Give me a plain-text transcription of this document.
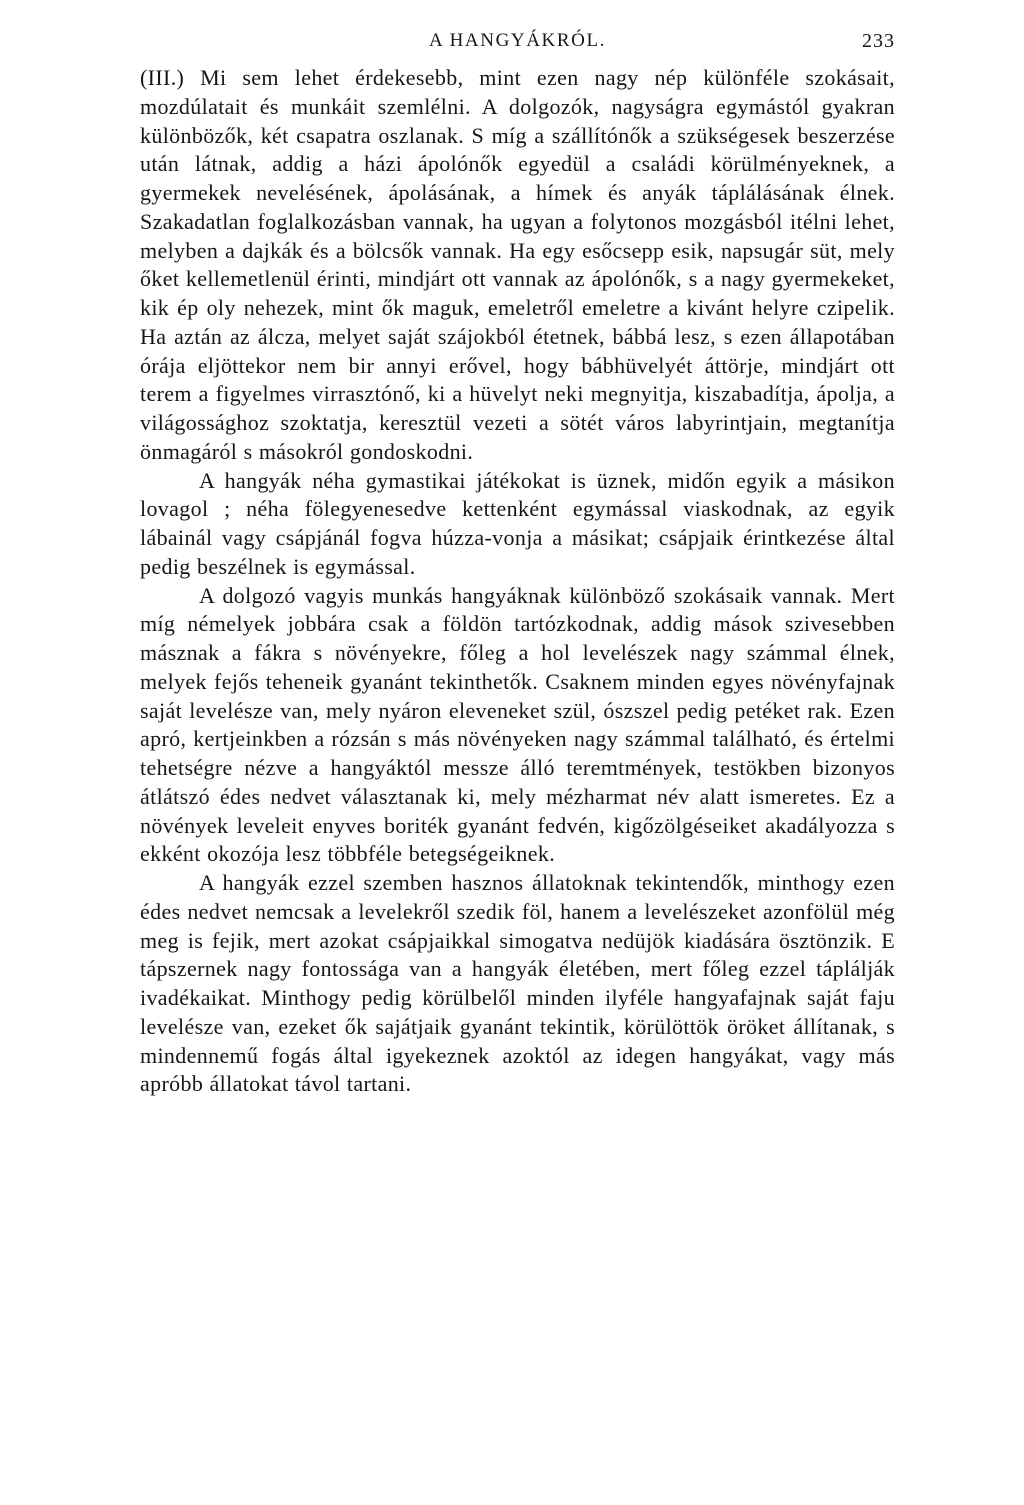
A HANGYÁKRÓL.	233

(III.) Mi sem lehet érdekesebb, mint ezen nagy nép különféle szokásait, mozdúlatait és munkáit szemlélni. A dolgozók, nagyságra egymástól gyakran különbözők, két csapatra oszlanak. S míg a szállítónők a szükségesek beszerzése után látnak, addig a házi ápolónők egyedül a családi körülményeknek, a gyermekek nevelésének, ápolásának, a hímek és anyák táplálásának élnek. Szakadatlan foglalkozásban vannak, ha ugyan a folytonos mozgásból itélni lehet, melyben a dajkák és a bölcsők vannak. Ha egy esőcsepp esik, napsugár süt, mely őket kellemetlenül érinti, mindjárt ott vannak az ápolónők, s a nagy gyermekeket, kik ép oly nehezek, mint ők maguk, emeletről emeletre a kivánt helyre czipelik. Ha aztán az álcza, melyet saját szájokból étetnek, bábbá lesz, s ezen állapotában órája eljöttekor nem bir annyi erővel, hogy bábhüvelyét áttörje, mindjárt ott terem a figyelmes virrasztónő, ki a hüvelyt neki megnyitja, kiszabadítja, ápolja, a világossághoz szoktatja, keresztül vezeti a sötét város labyrintjain, megtanítja önmagáról s másokról gondoskodni.

A hangyák néha gymastikai játékokat is üznek, midőn egyik a másikon lovagol ; néha fölegyenesedve kettenként egymással viaskodnak, az egyik lábainál vagy csápjánál fogva húzza-vonja a másikat; csápjaik érintkezése által pedig beszélnek is egymással.

A dolgozó vagyis munkás hangyáknak különböző szokásaik vannak. Mert míg némelyek jobbára csak a földön tartózkodnak, addig mások szivesebben másznak a fákra s növényekre, főleg a hol levelészek nagy számmal élnek, melyek fejős teheneik gyanánt tekinthetők. Csaknem minden egyes növényfajnak saját levelésze van, mely nyáron eleveneket szül, ószszel pedig petéket rak. Ezen apró, kertjeinkben a rózsán s más növényeken nagy számmal található, és értelmi tehetségre nézve a hangyáktól messze álló teremtmények, testökben bizonyos átlátszó édes nedvet választanak ki, mely mézharmat név alatt ismeretes. Ez a növények leveleit enyves boriték gyanánt fedvén, kigőzölgéseiket akadályozza s ekként okozója lesz többféle betegségeiknek.

A hangyák ezzel szemben hasznos állatoknak tekintendők, minthogy ezen édes nedvet nemcsak a levelekről szedik föl, hanem a levelészeket azonfölül még meg is fejik, mert azokat csápjaikkal simogatva nedüjök kiadására ösztönzik. E tápszernek nagy fontossága van a hangyák életében, mert főleg ezzel táplálják ivadékaikat. Minthogy pedig körülbelől minden ilyféle hangyafajnak saját faju levelésze van, ezeket ők sajátjaik gyanánt tekintik, körülöttök öröket állítanak, s mindennemű fogás által igyekeznek azoktól az idegen hangyákat, vagy más apróbb állatokat távol tartani.
